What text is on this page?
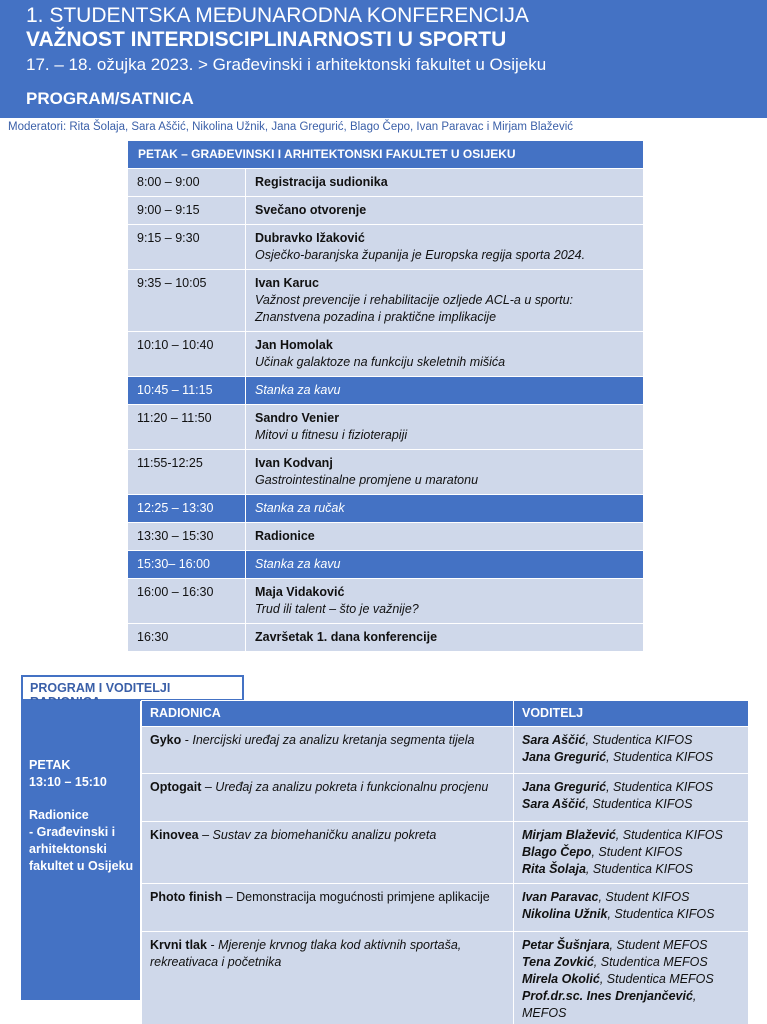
1. STUDENTSKA MEĐUNARODNA KONFERENCIJA
VAŽNOST INTERDISCIPLINARNOSTI U SPORTU
17. – 18. ožujka 2023. > Građevinski i arhitektonski fakultet u Osijeku
PROGRAM/SATNICA
Moderatori: Rita Šolaja, Sara Aščić, Nikolina Užnik, Jana Gregurić, Blago Čepo, Ivan Paravac i Mirjam Blažević
PETAK – GRAĐEVINSKI I ARHITEKTONSKI FAKULTET U OSIJEKU	
8:00 – 9:00	Registracija sudionika

9:00 – 9:15	Svečano otvorenje

9:15 – 9:30	Dubravko Ižaković
Osječko-baranjska županija je Europska regija sporta 2024.

9:35 – 10:05	Ivan Karuc
Važnost prevencije i rehabilitacije ozljede ACL-a u sportu: Znanstvena pozadina i praktične implikacije

10:10 – 10:40	Jan Homolak
Učinak galaktoze na funkciju skeletnih mišića

10:45 – 11:15	Stanka za kavu

11:20 – 11:50	Sandro Venier
Mitovi u fitnesu i fizioterapiji

11:55-12:25	Ivan Kodvanj
Gastrointestinalne promjene u maratonu

12:25 – 13:30	Stanka za ručak

13:30 – 15:30	Radionice

15:30– 16:00	Stanka za kavu

16:00 – 16:30	Maja Vidaković
Trud ili talent – što je važnije?

16:30	Završetak 1. dana konferencije
PROGRAM I VODITELJI
PETAK
13:10 – 15:10
Radionice
- Građevinski i arhitektonski fakultet u Osijeku
RADIONICA	VODITELJ
Gyko - Inercijski uređaj za analizu kretanja segmenta tijela	Sara Aščić, Studentica KIFOS
Jana Gregurić, Studentica KIFOS

Optogait – Uređaj za analizu pokreta i funkcionalnu procjenu	Jana Gregurić, Studentica KIFOS
Sara Aščić, Studentica KIFOS

Kinovea – Sustav za biomehaničku analizu pokreta	Mirjam Blažević, Studentica KIFOS
Blago Čepo, Student KIFOS
Rita Šolaja, Studentica KIFOS

Photo finish – Demonstracija mogućnosti primjene aplikacije	Ivan Paravac, Student KIFOS
Nikolina Užnik, Studentica KIFOS

Krvni tlak - Mjerenje krvnog tlaka kod aktivnih sportaša, rekreativaca i početnika	Petar Šušnjara, Student MEFOS
Tena Zovkić, Studentica MEFOS
Mirela Okolić, Studentica MEFOS
Prof.dr.sc. Ines Drenjančević, MEFOS
